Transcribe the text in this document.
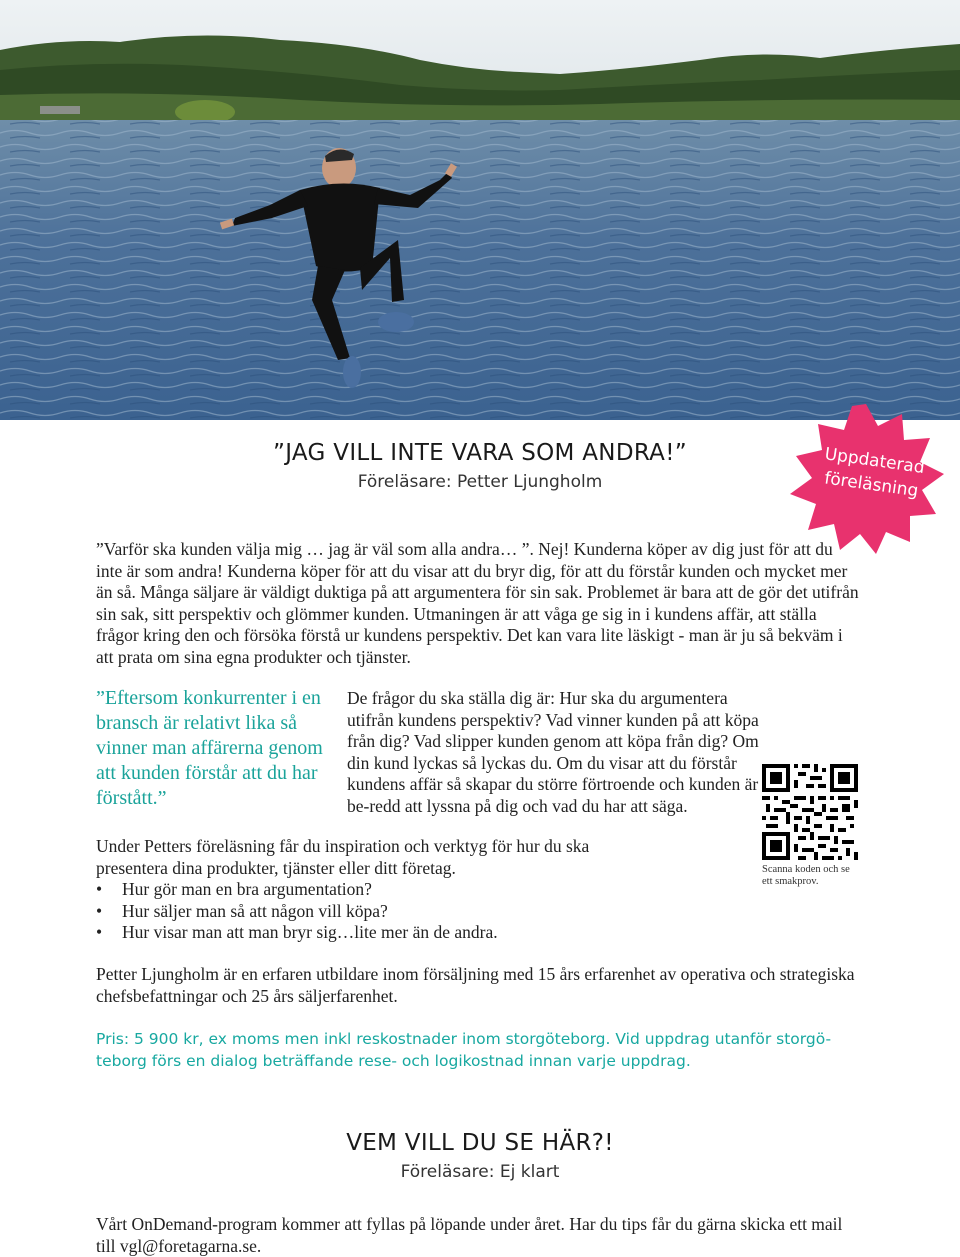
Uppdaterad
föreläsning
”JAG VILL INTE VARA SOM ANDRA!”

Föreläsare: Petter Ljungholm

”Varför ska kunden välja mig … jag är väl som alla andra… ”. Nej! Kunderna köper av dig just för att du inte är som andra! Kunderna köper för att du visar att du bryr dig, för att du förstår kunden och mycket mer än så. Många säljare är väldigt duktiga på att argumentera för sin sak. Problemet är bara att de gör det utifrån sin sak, sitt perspektiv och glömmer kunden. Utmaningen är att våga ge sig in i kundens affär, att ställa frågor kring den och försöka förstå ur kundens perspektiv. Det kan vara lite läskigt - man är ju så bekväm i att prata om sina egna produkter och tjänster.

”Eftersom konkurrenter i en bransch är relativt lika så vinner man affärerna genom att kunden förstår att du har förstått.”

De frågor du ska ställa dig är: Hur ska du argumentera utifrån kundens perspektiv? Vad vinner kunden på att köpa från dig? Vad slipper kunden genom att köpa från dig? Om din kund lyckas så lyckas du. Om du visar att du förstår kundens affär så skapar du större förtroende och kunden är be-redd att lyssna på dig och vad du har att säga.

Scanna koden och se ett smakprov.

Under Petters föreläsning får du inspiration och verktyg för hur du ska presentera dina produkter, tjänster eller ditt företag.

• Hur gör man en bra argumentation?
• Hur säljer man så att någon vill köpa?
• Hur visar man att man bryr sig…lite mer än de andra.

Petter Ljungholm är en erfaren utbildare inom försäljning med 15 års erfarenhet av operativa och strategiska chefsbefattningar och 25 års säljerfarenhet.

Pris: 5 900 kr, ex moms men inkl reskostnader inom storgöteborg. Vid uppdrag utanför storgö-teborg förs en dialog beträffande rese- och logikostnad innan varje uppdrag.

VEM VILL DU SE HÄR?!

Föreläsare: Ej klart

Vårt OnDemand-program kommer att fyllas på löpande under året. Har du tips får du gärna skicka ett mail till vgl@foretagarna.se.
